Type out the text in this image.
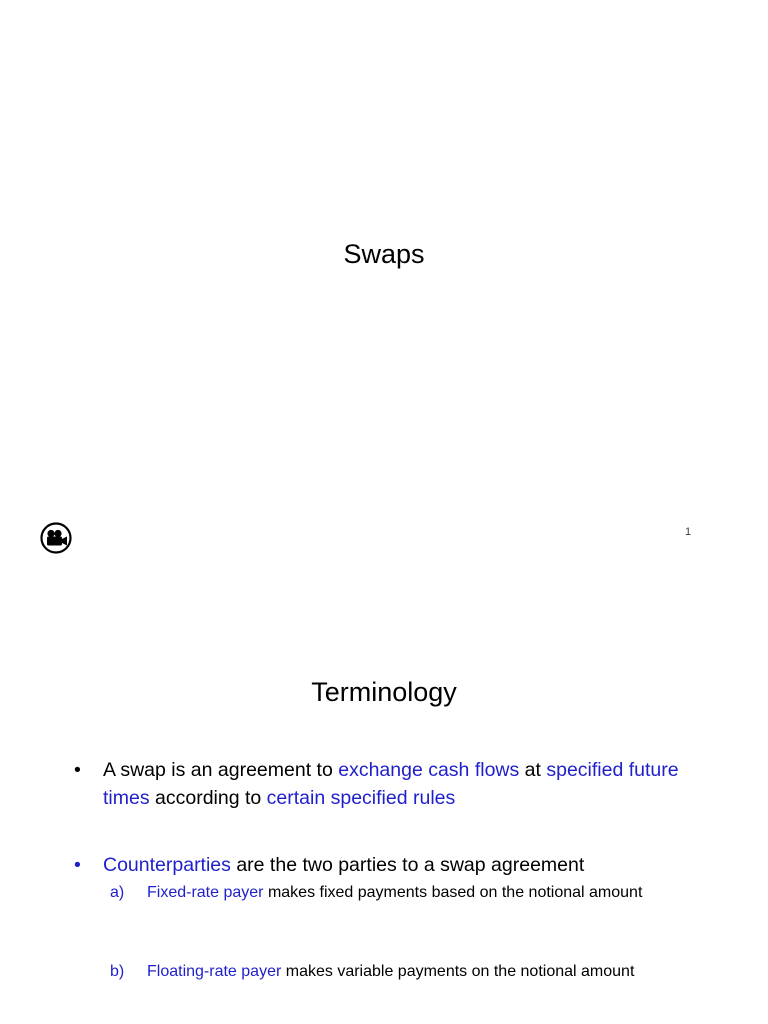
Swaps
1
Terminology
•	A swap is an agreement to exchange cash flows at specified future times according to certain specified rules
•	Counterparties are the two parties to a swap agreement
a)	Fixed-rate payer makes fixed payments based on the notional amount
b)	Floating-rate payer makes variable payments on the notional amount
